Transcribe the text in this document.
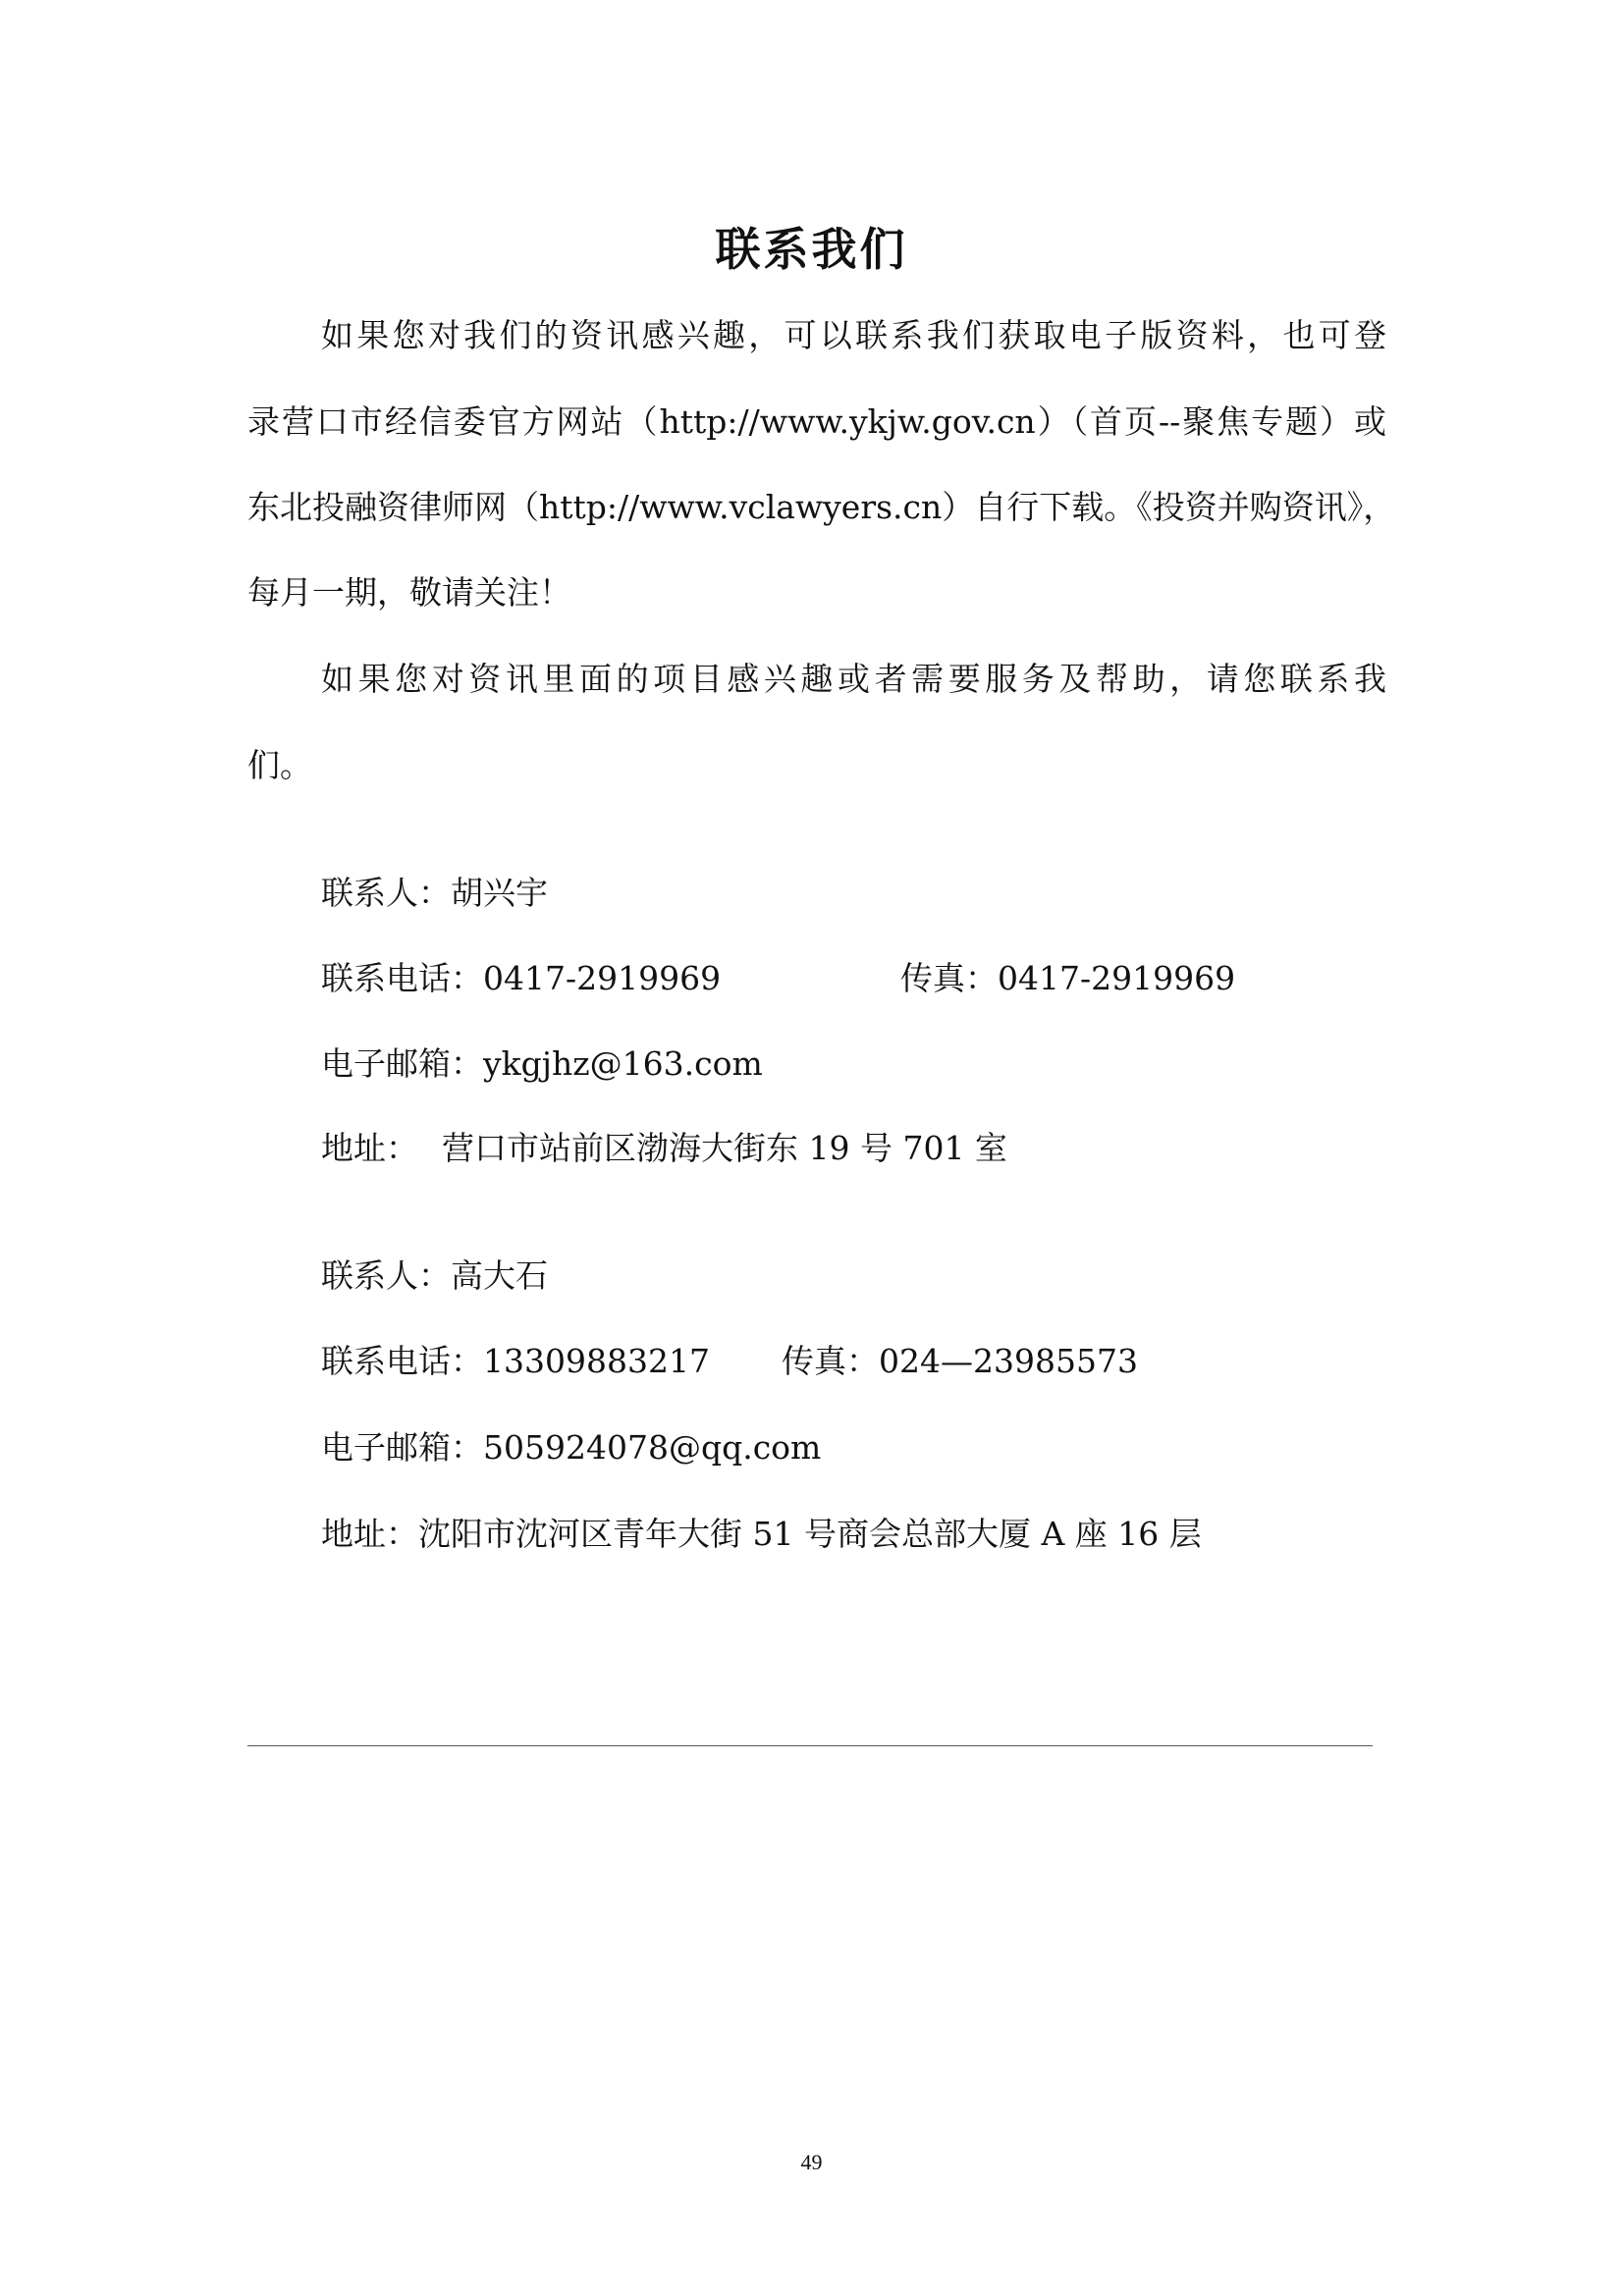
联系我们
如果您对我们的资讯感兴趣，可以联系我们获取电子版资料，也可登
录营口市经信委官方网站（http://www.ykjw.gov.cn）（首页--聚焦专题）或
东北投融资律师网（http://www.vclawyers.cn）自行下载。《投资并购资讯》，
每月一期，敬请关注！
如果您对资讯里面的项目感兴趣或者需要服务及帮助，请您联系我
们。
联系人：胡兴宇
联系电话：0417-2919969	传真：0417-2919969
电子邮箱：ykgjhz@163.com
地址： 营口市站前区渤海大街东 19 号 701 室
联系人：高大石
联系电话：13309883217 传真：024—23985573
电子邮箱：505924078@qq.com
地址：沈阳市沈河区青年大街 51 号商会总部大厦 A 座 16 层
49
